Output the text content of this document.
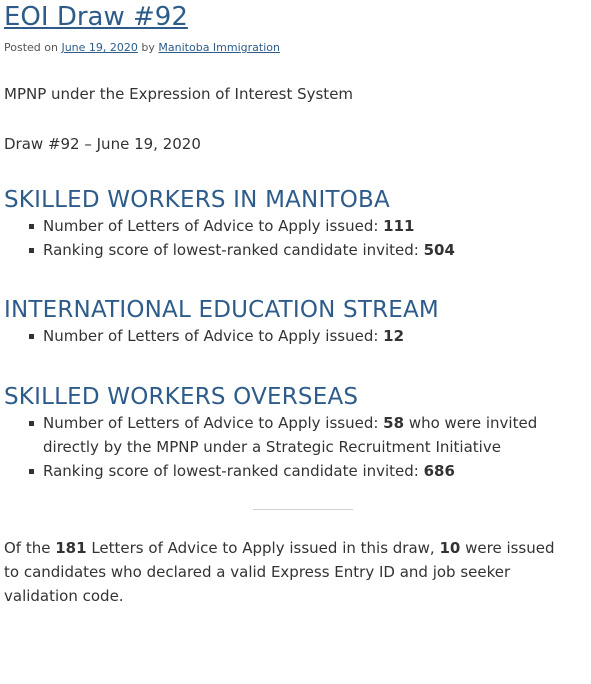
EOI Draw #92
Posted on June 19, 2020 by Manitoba Immigration

MPNP under the Expression of Interest System

Draw #92 – June 19, 2020

SKILLED WORKERS IN MANITOBA
Number of Letters of Advice to Apply issued: 111
Ranking score of lowest-ranked candidate invited: 504
INTERNATIONAL EDUCATION STREAM
Number of Letters of Advice to Apply issued: 12
SKILLED WORKERS OVERSEAS
Number of Letters of Advice to Apply issued: 58 who were invited directly by the MPNP under a Strategic Recruitment Initiative
Ranking score of lowest-ranked candidate invited: 686

Of the 181 Letters of Advice to Apply issued in this draw, 10 were issued to candidates who declared a valid Express Entry ID and job seeker validation code.
